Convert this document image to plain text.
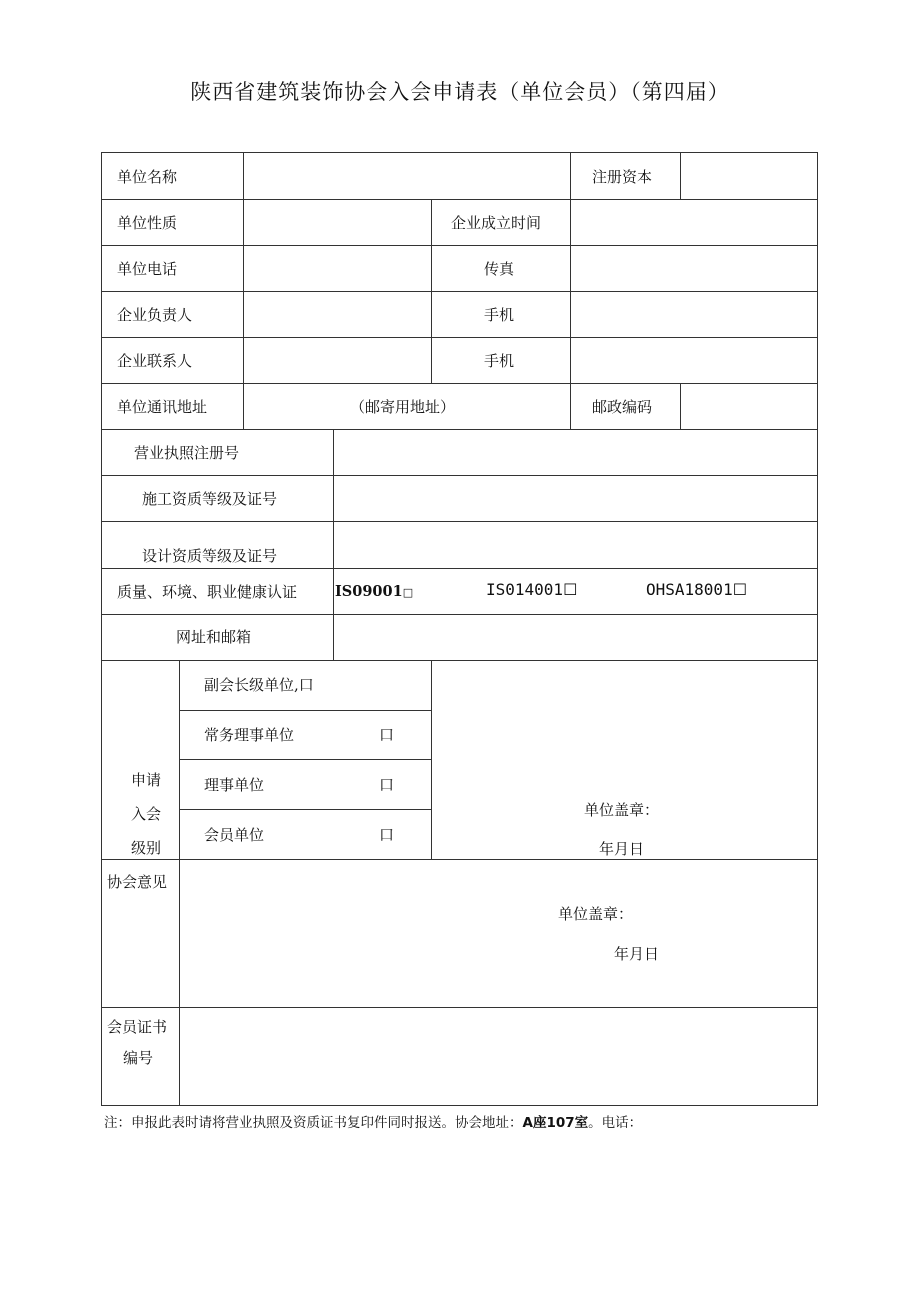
陕西省建筑装饰协会入会申请表（单位会员）（第四届）
单位名称	注册资本
单位性质	企业成立时间
单位电话	传真
企业负责人	手机
企业联系人	手机
单位通讯地址	（邮寄用地址）	邮政编码
营业执照注册号
施工资质等级及证号
设计资质等级及证号
质量、环境、职业健康认证	IS09001□	IS014001☐	OHSA18001☐
网址和邮箱
申请
入会
级别
副会长级单位,口
常务理事单位	口
理事单位	口
会员单位	口
单位盖章：
年月日
协会意见
单位盖章：
年月日
会员证书
编号
注：申报此表时请将营业执照及资质证书复印件同时报送。协会地址：A座107室。电话：
